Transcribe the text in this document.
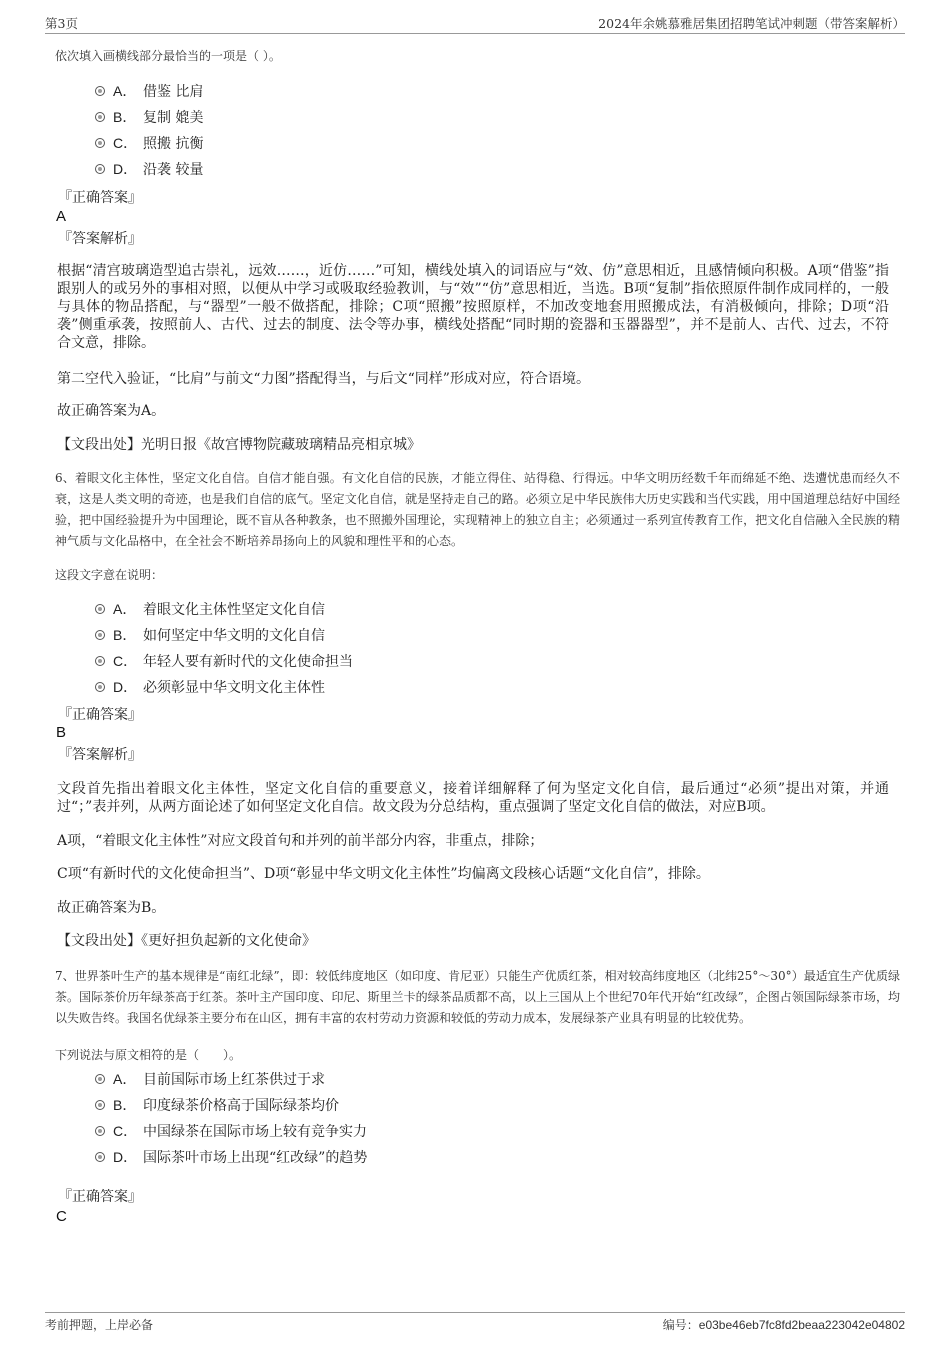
第3页	2024年余姚慕雅居集团招聘笔试冲刺题（带答案解析）
依次填入画横线部分最恰当的一项是（ ）。
A． 借鉴 比肩
B． 复制 媲美
C． 照搬 抗衡
D． 沿袭 较量
『正确答案』
A
『答案解析』
根据“清宫玻璃造型追古崇礼，远效……，近仿……”可知，横线处填入的词语应与“效、仿”意思相近，且感情倾向积极。A项“借鉴”指跟别人的或另外的事相对照，以便从中学习或吸取经验教训，与“效”“仿”意思相近，当选。B项“复制”指依照原件制作成同样的，一般与具体的物品搭配，与“器型”一般不做搭配，排除；C项“照搬”按照原样，不加改变地套用照搬成法，有消极倾向，排除；D项“沿袭”侧重承袭，按照前人、古代、过去的制度、法令等办事，横线处搭配“同时期的瓷器和玉器器型”，并不是前人、古代、过去，不符合文意，排除。
第二空代入验证，“比肩”与前文“力图”搭配得当，与后文“同样”形成对应，符合语境。
故正确答案为A。
【文段出处】光明日报《故宫博物院藏玻璃精品亮相京城》
6、着眼文化主体性，坚定文化自信。自信才能自强。有文化自信的民族，才能立得住、站得稳、行得远。中华文明历经数千年而绵延不绝、迭遭忧患而经久不衰，这是人类文明的奇迹，也是我们自信的底气。坚定文化自信，就是坚持走自己的路。必须立足中华民族伟大历史实践和当代实践，用中国道理总结好中国经验，把中国经验提升为中国理论，既不盲从各种教条，也不照搬外国理论，实现精神上的独立自主；必须通过一系列宣传教育工作，把文化自信融入全民族的精神气质与文化品格中，在全社会不断培养昂扬向上的风貌和理性平和的心态。
这段文字意在说明：
A． 着眼文化主体性坚定文化自信
B． 如何坚定中华文明的文化自信
C． 年轻人要有新时代的文化使命担当
D． 必须彰显中华文明文化主体性
『正确答案』
B
『答案解析』
文段首先指出着眼文化主体性，坚定文化自信的重要意义，接着详细解释了何为坚定文化自信，最后通过“必须”提出对策，并通过“；”表并列，从两方面论述了如何坚定文化自信。故文段为分总结构，重点强调了坚定文化自信的做法，对应B项。
A项，“着眼文化主体性”对应文段首句和并列的前半部分内容，非重点，排除；
C项“有新时代的文化使命担当”、D项“彰显中华文明文化主体性”均偏离文段核心话题“文化自信”，排除。
故正确答案为B。
【文段出处】《更好担负起新的文化使命》
7、世界茶叶生产的基本规律是“南红北绿”，即：较低纬度地区（如印度、肯尼亚）只能生产优质红茶，相对较高纬度地区（北纬25°～30°）最适宜生产优质绿茶。国际茶价历年绿茶高于红茶。茶叶主产国印度、印尼、斯里兰卡的绿茶品质都不高，以上三国从上个世纪70年代开始“红改绿”，企图占领国际绿茶市场，均以失败告终。我国名优绿茶主要分布在山区，拥有丰富的农村劳动力资源和较低的劳动力成本，发展绿茶产业具有明显的比较优势。
下列说法与原文相符的是（　　）。
A． 目前国际市场上红茶供过于求
B． 印度绿茶价格高于国际绿茶均价
C． 中国绿茶在国际市场上较有竞争实力
D． 国际茶叶市场上出现“红改绿”的趋势
『正确答案』
C
考前押题，上岸必备	编号：e03be46eb7fc8fd2beaa223042e04802
